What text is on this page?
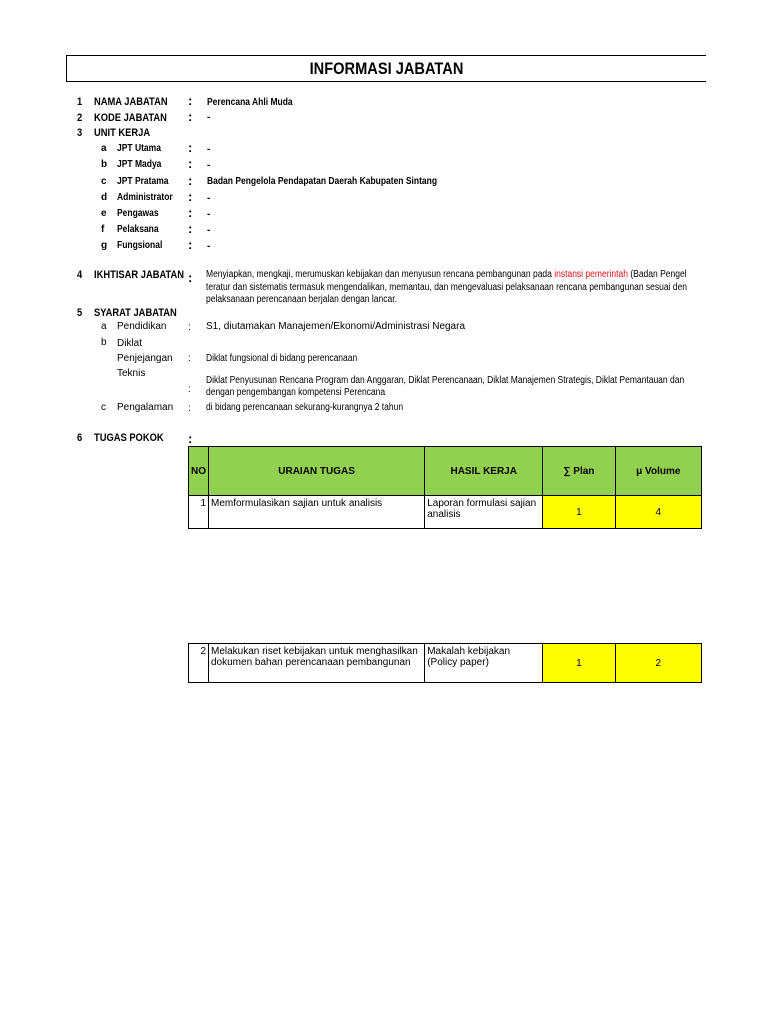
INFORMASI JABATAN
1 NAMA JABATAN : Perencana Ahli Muda
2 KODE JABATAN : -
3 UNIT KERJA
a JPT Utama : -
b JPT Madya : -
c JPT Pratama : Badan Pengelola Pendapatan Daerah Kabupaten Sintang
d Administrator : -
e Pengawas : -
f Pelaksana : -
g Fungsional : -
4 IKHTISAR JABATAN : Menyiapkan, mengkaji, merumuskan kebijakan dan menyusun rencana pembangunan pada instansi pemerintah (Badan Pengel
teratur dan sistematis termasuk mengendalikan, memantau, dan mengevaluasi pelaksanaan rencana pembangunan sesuai den
pelaksanaan perencanaan berjalan dengan lancar.
5 SYARAT JABATAN
a Pendidikan : S1, diutamakan Manajemen/Ekonomi/Administrasi Negara
b Diklat
Penjejangan
Teknis
: Diklat fungsional di bidang perencanaan
:
Diklat Penyusunan Rencana Program dan Anggaran, Diklat Perencanaan, Diklat Manajemen Strategis, Diklat Pemantauan dan
dengan pengembangan kompetensi Perencana
c Pengalaman : di bidang perencanaan sekurang-kurangnya 2 tahun
6 TUGAS POKOK :
NO	URAIAN TUGAS	HASIL KERJA	∑ Plan	μ Volume
1	Memformulasikan sajian untuk analisis	Laporan formulasi sajian analisis	1	4

2	Melakukan riset kebijakan untuk menghasilkan dokumen bahan perencanaan pembangunan	Makalah kebijakan (Policy paper)	1	2
